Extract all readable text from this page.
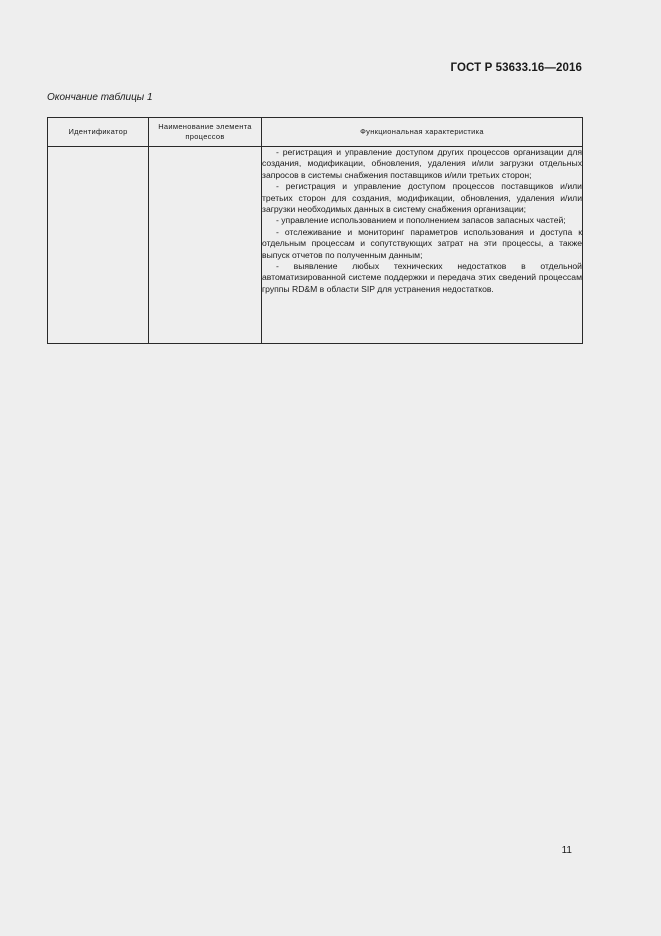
ГОСТ Р 53633.16—2016
Окончание таблицы 1
Идентификатор	Наименование элемента процессов	Функциональная характеристика

		- регистрация и управление доступом других процессов организации для создания, модификации, обновления, удаления и/или загрузки отдельных запросов в системы снабжения поставщиков и/или третьих сторон;

- регистрация и управление доступом процессов поставщиков и/или третьих сторон для создания, модификации, обновления, удаления и/или загрузки необходимых данных в систему снабжения организации;

- управление использованием и пополнением запасов запасных частей;

- отслеживание и мониторинг параметров использования и доступа к отдельным процессам и сопутствующих затрат на эти процессы, а также выпуск отчетов по полученным данным;

- выявление любых технических недостатков в отдельной автоматизированной системе поддержки и передача этих сведений процессам группы RD&M в области SIP для устранения недостатков.

11
